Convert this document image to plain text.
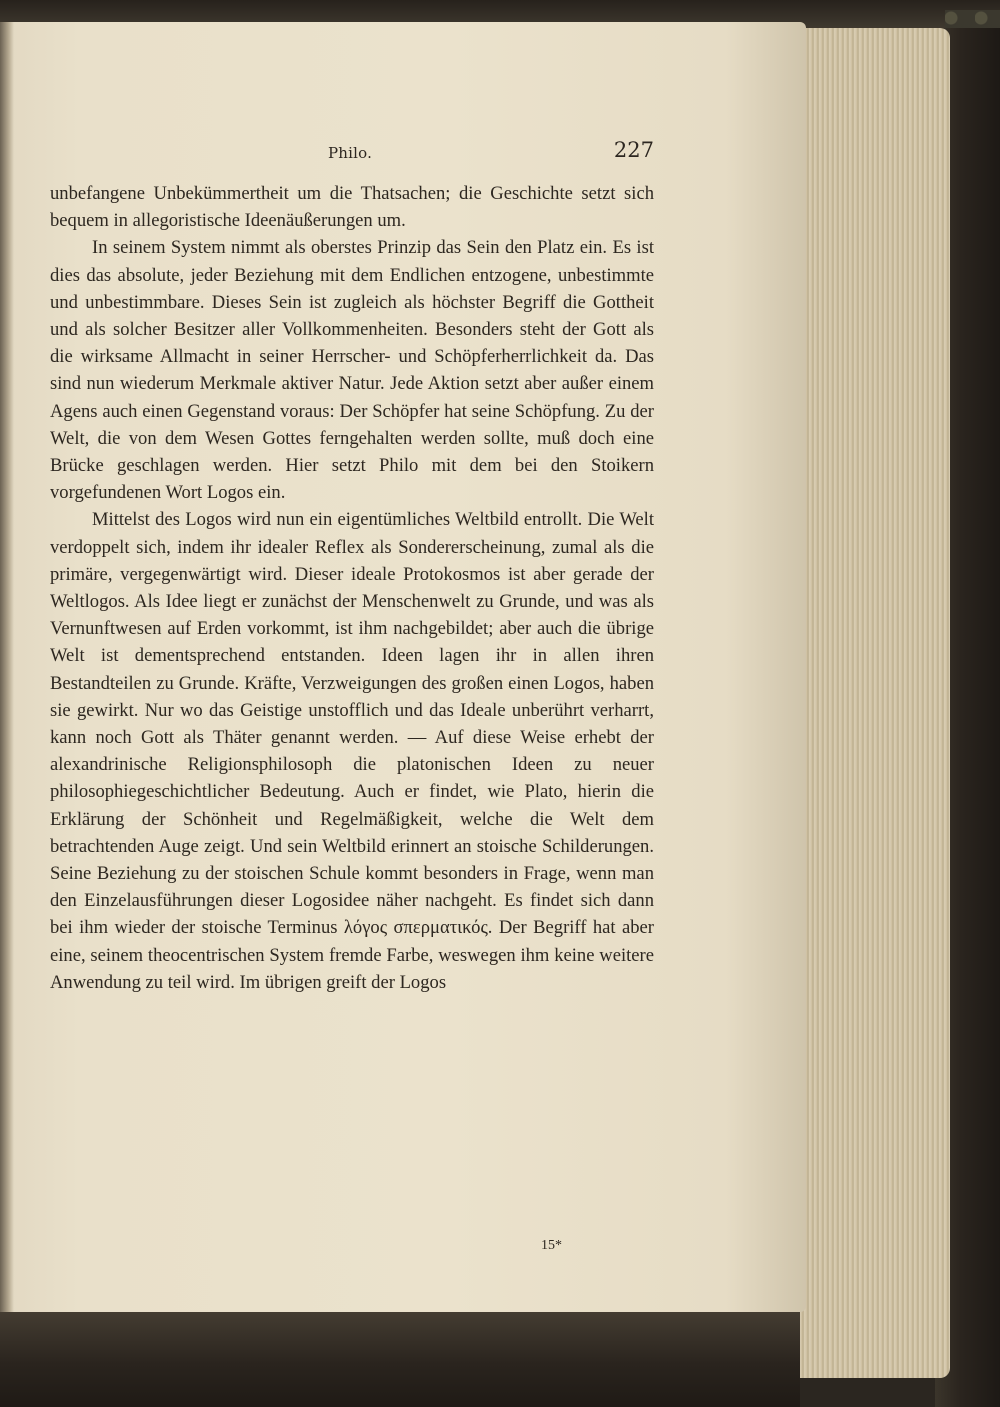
Philo.	227

unbefangene Unbekümmertheit um die Thatsachen; die Geschichte setzt sich bequem in allegoristische Ideenäußerungen um.

In seinem System nimmt als oberstes Prinzip das Sein den Platz ein. Es ist dies das absolute, jeder Beziehung mit dem Endlichen entzogene, unbestimmte und unbestimmbare. Dieses Sein ist zugleich als höchster Begriff die Gottheit und als solcher Besitzer aller Vollkommenheiten. Besonders steht der Gott als die wirksame Allmacht in seiner Herrscher- und Schöpferherrlichkeit da. Das sind nun wiederum Merkmale aktiver Natur. Jede Aktion setzt aber außer einem Agens auch einen Gegenstand voraus: Der Schöpfer hat seine Schöpfung. Zu der Welt, die von dem Wesen Gottes ferngehalten werden sollte, muß doch eine Brücke geschlagen werden. Hier setzt Philo mit dem bei den Stoikern vorgefundenen Wort Logos ein.

Mittelst des Logos wird nun ein eigentümliches Weltbild entrollt. Die Welt verdoppelt sich, indem ihr idealer Reflex als Sondererscheinung, zumal als die primäre, vergegenwärtigt wird. Dieser ideale Protokosmos ist aber gerade der Weltlogos. Als Idee liegt er zunächst der Menschenwelt zu Grunde, und was als Vernunftwesen auf Erden vorkommt, ist ihm nachgebildet; aber auch die übrige Welt ist dementsprechend entstanden. Ideen lagen ihr in allen ihren Bestandteilen zu Grunde. Kräfte, Verzweigungen des großen einen Logos, haben sie gewirkt. Nur wo das Geistige unstofflich und das Ideale unberührt verharrt, kann noch Gott als Thäter genannt werden. — Auf diese Weise erhebt der alexandrinische Religionsphilosoph die platonischen Ideen zu neuer philosophiegeschichtlicher Bedeutung. Auch er findet, wie Plato, hierin die Erklärung der Schönheit und Regelmäßigkeit, welche die Welt dem betrachtenden Auge zeigt. Und sein Weltbild erinnert an stoische Schilderungen. Seine Beziehung zu der stoischen Schule kommt besonders in Frage, wenn man den Einzelausführungen dieser Logosidee näher nachgeht. Es findet sich dann bei ihm wieder der stoische Terminus λόγος σπερματικός. Der Begriff hat aber eine, seinem theocentrischen System fremde Farbe, weswegen ihm keine weitere Anwendung zu teil wird. Im übrigen greift der Logos

15*
